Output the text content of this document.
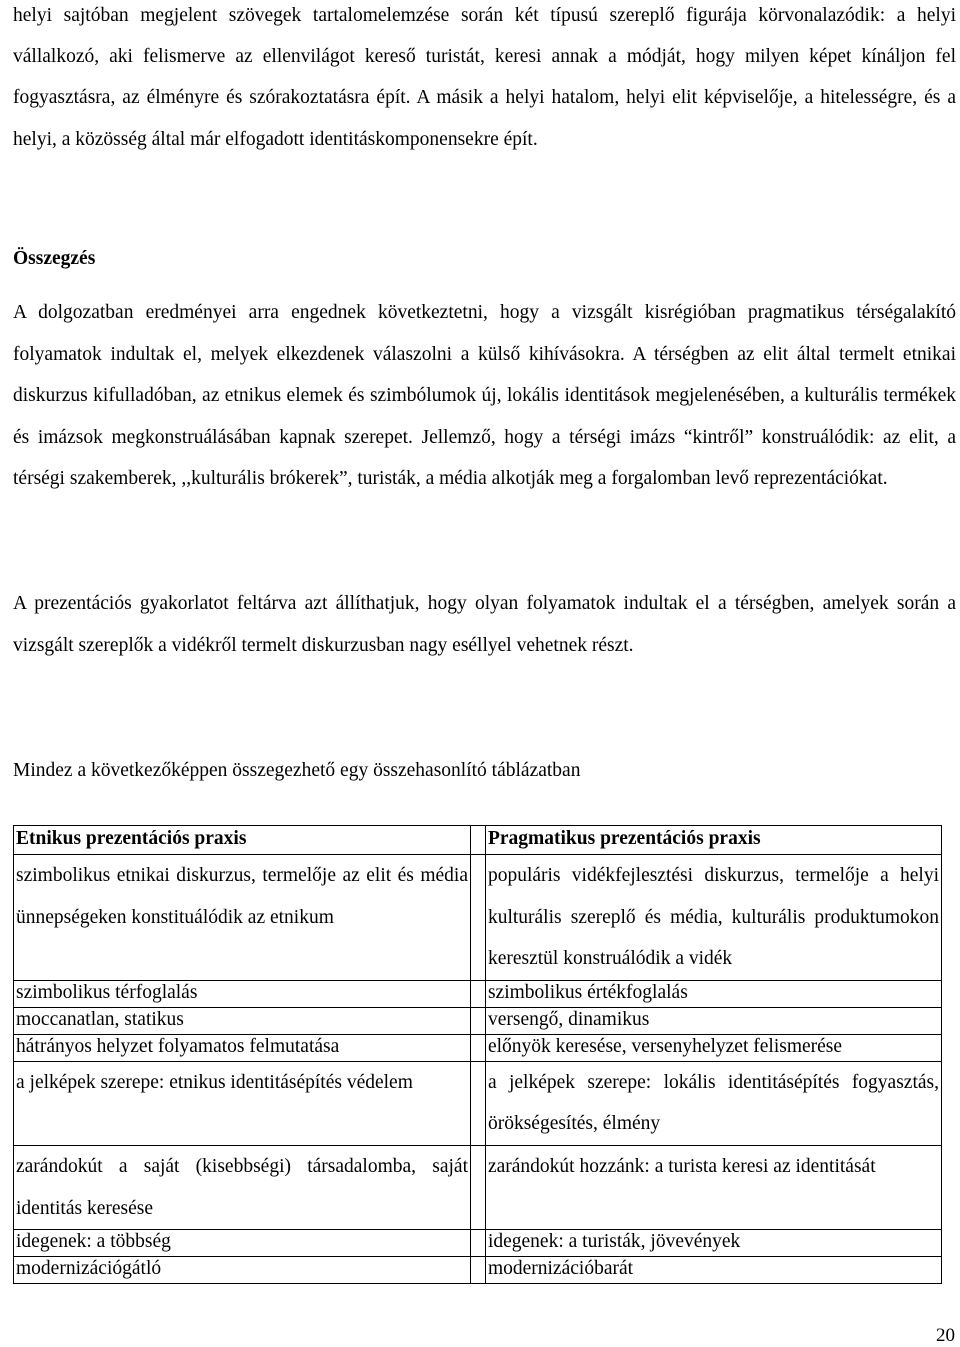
helyi sajtóban megjelent szövegek tartalomelemzése során két típusú szereplő figurája körvonalazódik: a helyi vállalkozó, aki felismerve az ellenvilágot kereső turistát, keresi annak a módját, hogy milyen képet kínáljon fel fogyasztásra, az élményre és szórakoztatásra épít. A másik a helyi hatalom, helyi elit képviselője, a hitelességre, és a helyi, a közösség által már elfogadott identitáskomponensekre épít.

Összegzés

A dolgozatban eredményei arra engednek következtetni, hogy a vizsgált kisrégióban pragmatikus térségalakító folyamatok indultak el, melyek elkezdenek válaszolni a külső kihívásokra. A térségben az elit által termelt etnikai diskurzus kifulladóban, az etnikus elemek és szimbólumok új, lokális identitások megjelenésében, a kulturális termékek és imázsok megkonstruálásában kapnak szerepet. Jellemző, hogy a térségi imázs “kintről” konstruálódik: az elit, a térségi szakemberek, ,,kulturális brókerek”, turisták, a média alkotják meg a forgalomban levő reprezentációkat.

A prezentációs gyakorlatot feltárva azt állíthatjuk, hogy olyan folyamatok indultak el a térségben, amelyek során a vizsgált szereplők a vidékről termelt diskurzusban nagy eséllyel vehetnek részt.

Mindez a következőképpen összegezhető egy összehasonlító táblázatban

Etnikus prezentációs praxis		Pragmatikus prezentációs praxis
szimbolikus etnikai diskurzus, termelője az elit és média ünnepségeken konstituálódik az etnikum		populáris vidékfejlesztési diskurzus, termelője a helyi kulturális szereplő és média, kulturális produktumokon keresztül konstruálódik a vidék
szimbolikus térfoglalás		szimbolikus értékfoglalás
moccanatlan, statikus		versengő, dinamikus
hátrányos helyzet folyamatos felmutatása		előnyök keresése, versenyhelyzet felismerése
a jelképek szerepe: etnikus identitásépítés védelem		a jelképek szerepe: lokális identitásépítés fogyasztás, örökségesítés, élmény
zarándokút a saját (kisebbségi) társadalomba, saját identitás keresése		zarándokút hozzánk: a turista keresi az identitását
idegenek: a többség		idegenek: a turisták, jövevények
modernizációgátló		modernizációbarát

20
